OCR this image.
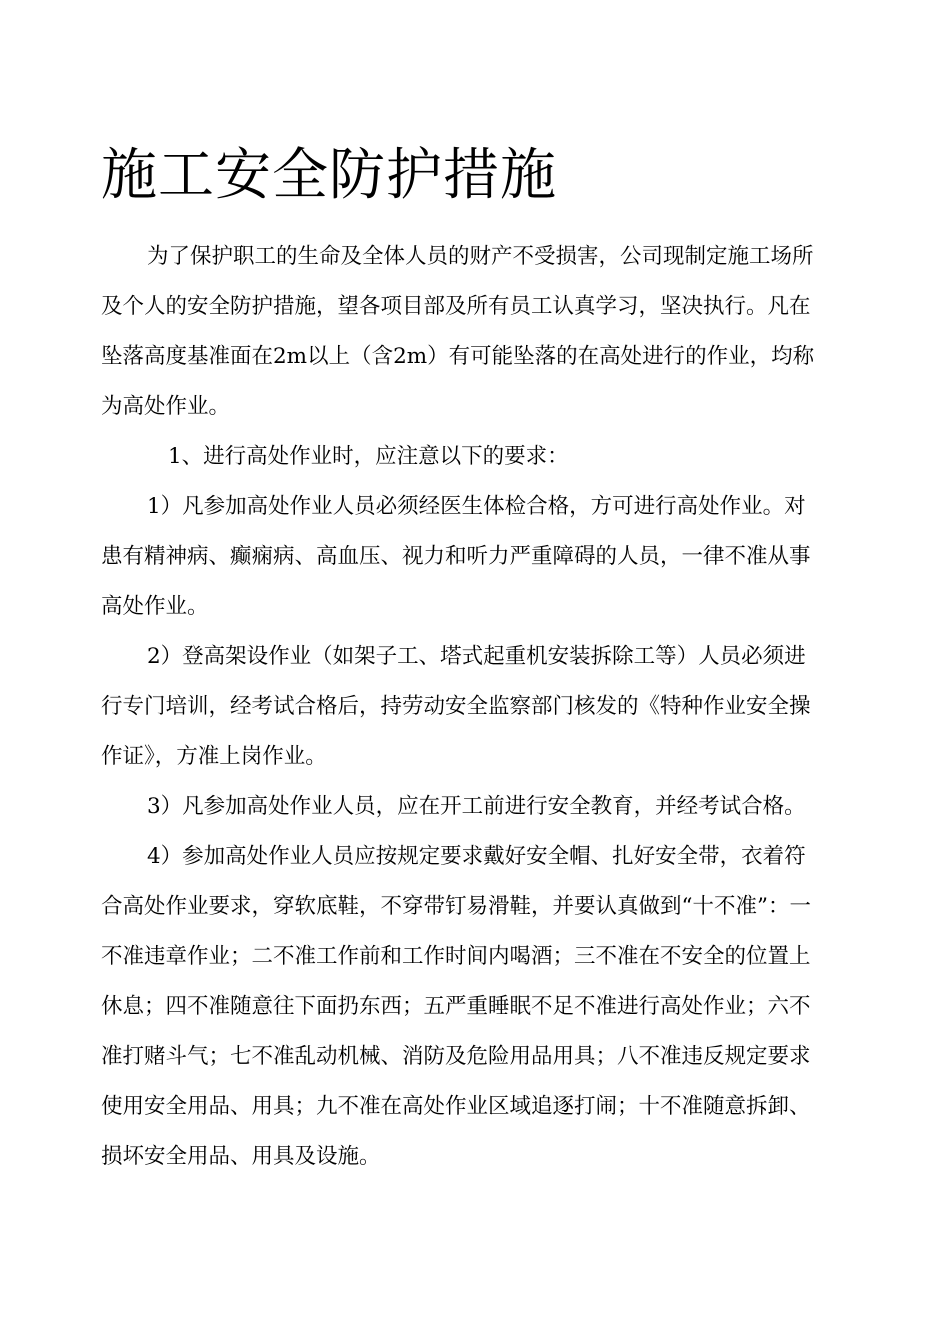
施工安全防护措施

为了保护职工的生命及全体人员的财产不受损害，公司现制定施工场所

及个人的安全防护措施，望各项目部及所有员工认真学习，坚决执行。凡在

坠落高度基准面在2m以上（含2m）有可能坠落的在高处进行的作业，均称

为高处作业。

1、进行高处作业时，应注意以下的要求：

1）凡参加高处作业人员必须经医生体检合格，方可进行高处作业。对

患有精神病、癫痫病、高血压、视力和听力严重障碍的人员，一律不准从事

高处作业。

2）登高架设作业（如架子工、塔式起重机安装拆除工等）人员必须进

行专门培训，经考试合格后，持劳动安全监察部门核发的《特种作业安全操

作证》，方准上岗作业。

3）凡参加高处作业人员，应在开工前进行安全教育，并经考试合格。

4）参加高处作业人员应按规定要求戴好安全帽、扎好安全带，衣着符

合高处作业要求，穿软底鞋，不穿带钉易滑鞋，并要认真做到“十不准”：一

不准违章作业；二不准工作前和工作时间内喝酒；三不准在不安全的位置上

休息；四不准随意往下面扔东西；五严重睡眠不足不准进行高处作业；六不

准打赌斗气；七不准乱动机械、消防及危险用品用具；八不准违反规定要求

使用安全用品、用具；九不准在高处作业区域追逐打闹；十不准随意拆卸、

损坏安全用品、用具及设施。
